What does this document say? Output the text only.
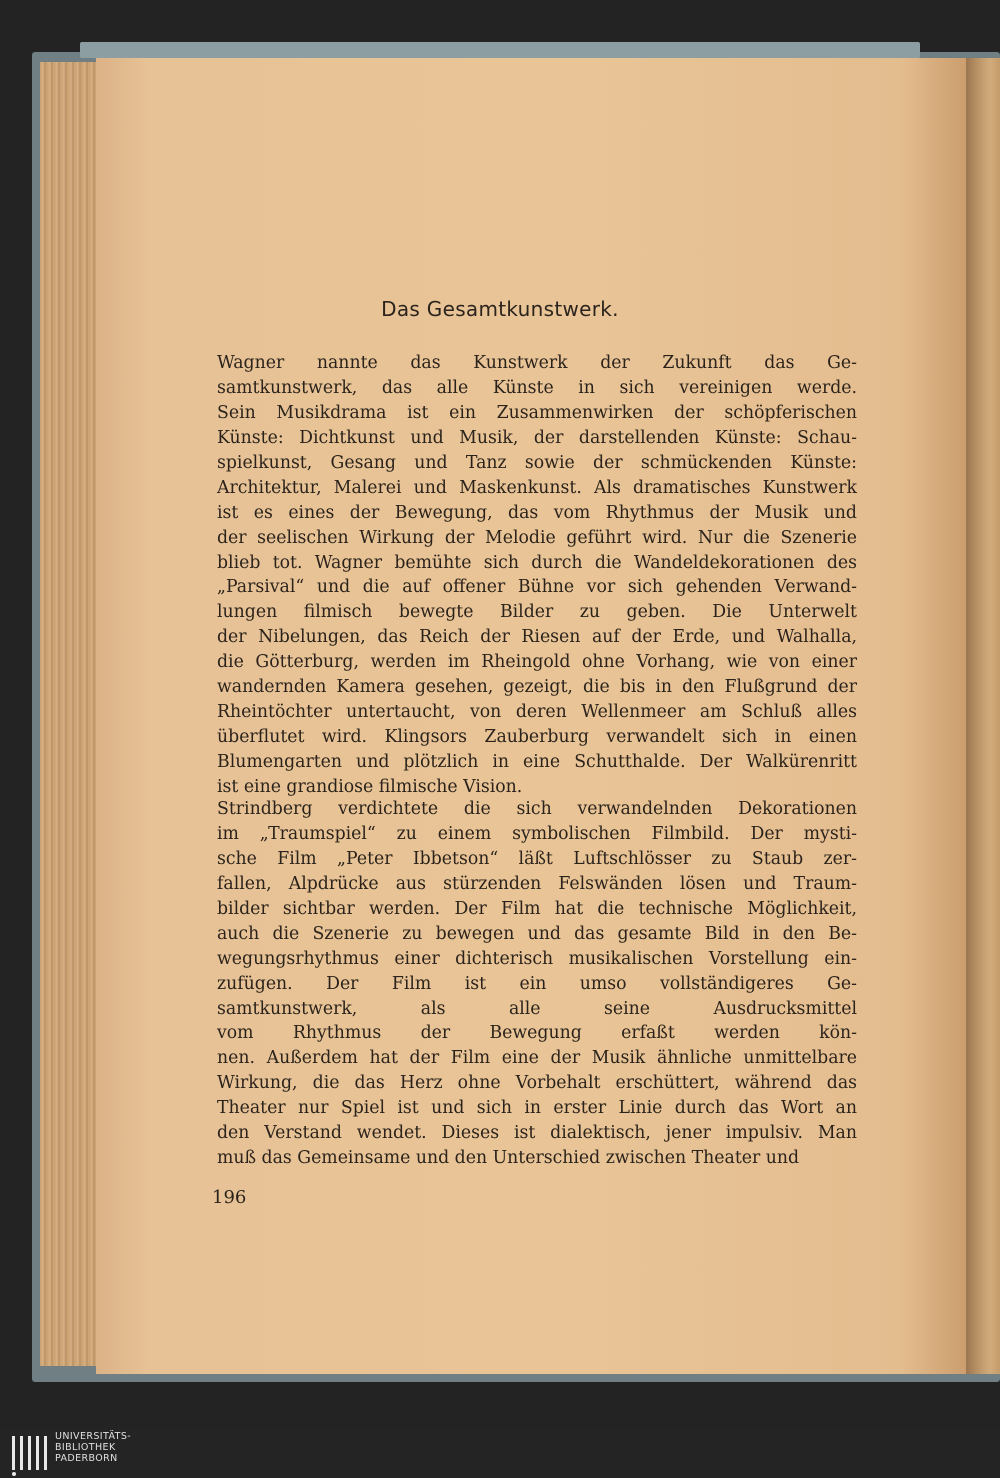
Das Gesamtkunstwerk.
Wagner nannte das Kunstwerk der Zukunft das Ge-
samtkunstwerk, das alle Künste in sich vereinigen werde.
Sein Musikdrama ist ein Zusammenwirken der schöpferischen
Künste: Dichtkunst und Musik, der darstellenden Künste: Schau-
spielkunst, Gesang und Tanz sowie der schmückenden Künste:
Architektur, Malerei und Maskenkunst. Als dramatisches Kunstwerk
ist es eines der Bewegung, das vom Rhythmus der Musik und
der seelischen Wirkung der Melodie geführt wird. Nur die Szenerie
blieb tot. Wagner bemühte sich durch die Wandeldekorationen des
„Parsival“ und die auf offener Bühne vor sich gehenden Verwand-
lungen filmisch bewegte Bilder zu geben. Die Unterwelt
der Nibelungen, das Reich der Riesen auf der Erde, und Walhalla,
die Götterburg, werden im Rheingold ohne Vorhang, wie von einer
wandernden Kamera gesehen, gezeigt, die bis in den Flußgrund der
Rheintöchter untertaucht, von deren Wellenmeer am Schluß alles
überflutet wird. Klingsors Zauberburg verwandelt sich in einen
Blumengarten und plötzlich in eine Schutthalde. Der Walkürenritt
ist eine grandiose filmische Vision.
Strindberg verdichtete die sich verwandelnden Dekorationen
im „Traumspiel“ zu einem symbolischen Filmbild. Der mysti-
sche Film „Peter Ibbetson“ läßt Luftschlösser zu Staub zer-
fallen, Alpdrücke aus stürzenden Felswänden lösen und Traum-
bilder sichtbar werden. Der Film hat die technische Möglichkeit,
auch die Szenerie zu bewegen und das gesamte Bild in den Be-
wegungsrhythmus einer dichterisch musikalischen Vorstellung ein-
zufügen. Der Film ist ein umso vollständigeres Ge-
samtkunstwerk, als alle seine Ausdrucksmittel
vom Rhythmus der Bewegung erfaßt werden kön-
nen. Außerdem hat der Film eine der Musik ähnliche unmittelbare
Wirkung, die das Herz ohne Vorbehalt erschüttert, während das
Theater nur Spiel ist und sich in erster Linie durch das Wort an
den Verstand wendet. Dieses ist dialektisch, jener impulsiv. Man
muß das Gemeinsame und den Unterschied zwischen Theater und
196
UNIVERSITÄTS-
BIBLIOTHEK
PADERBORN
